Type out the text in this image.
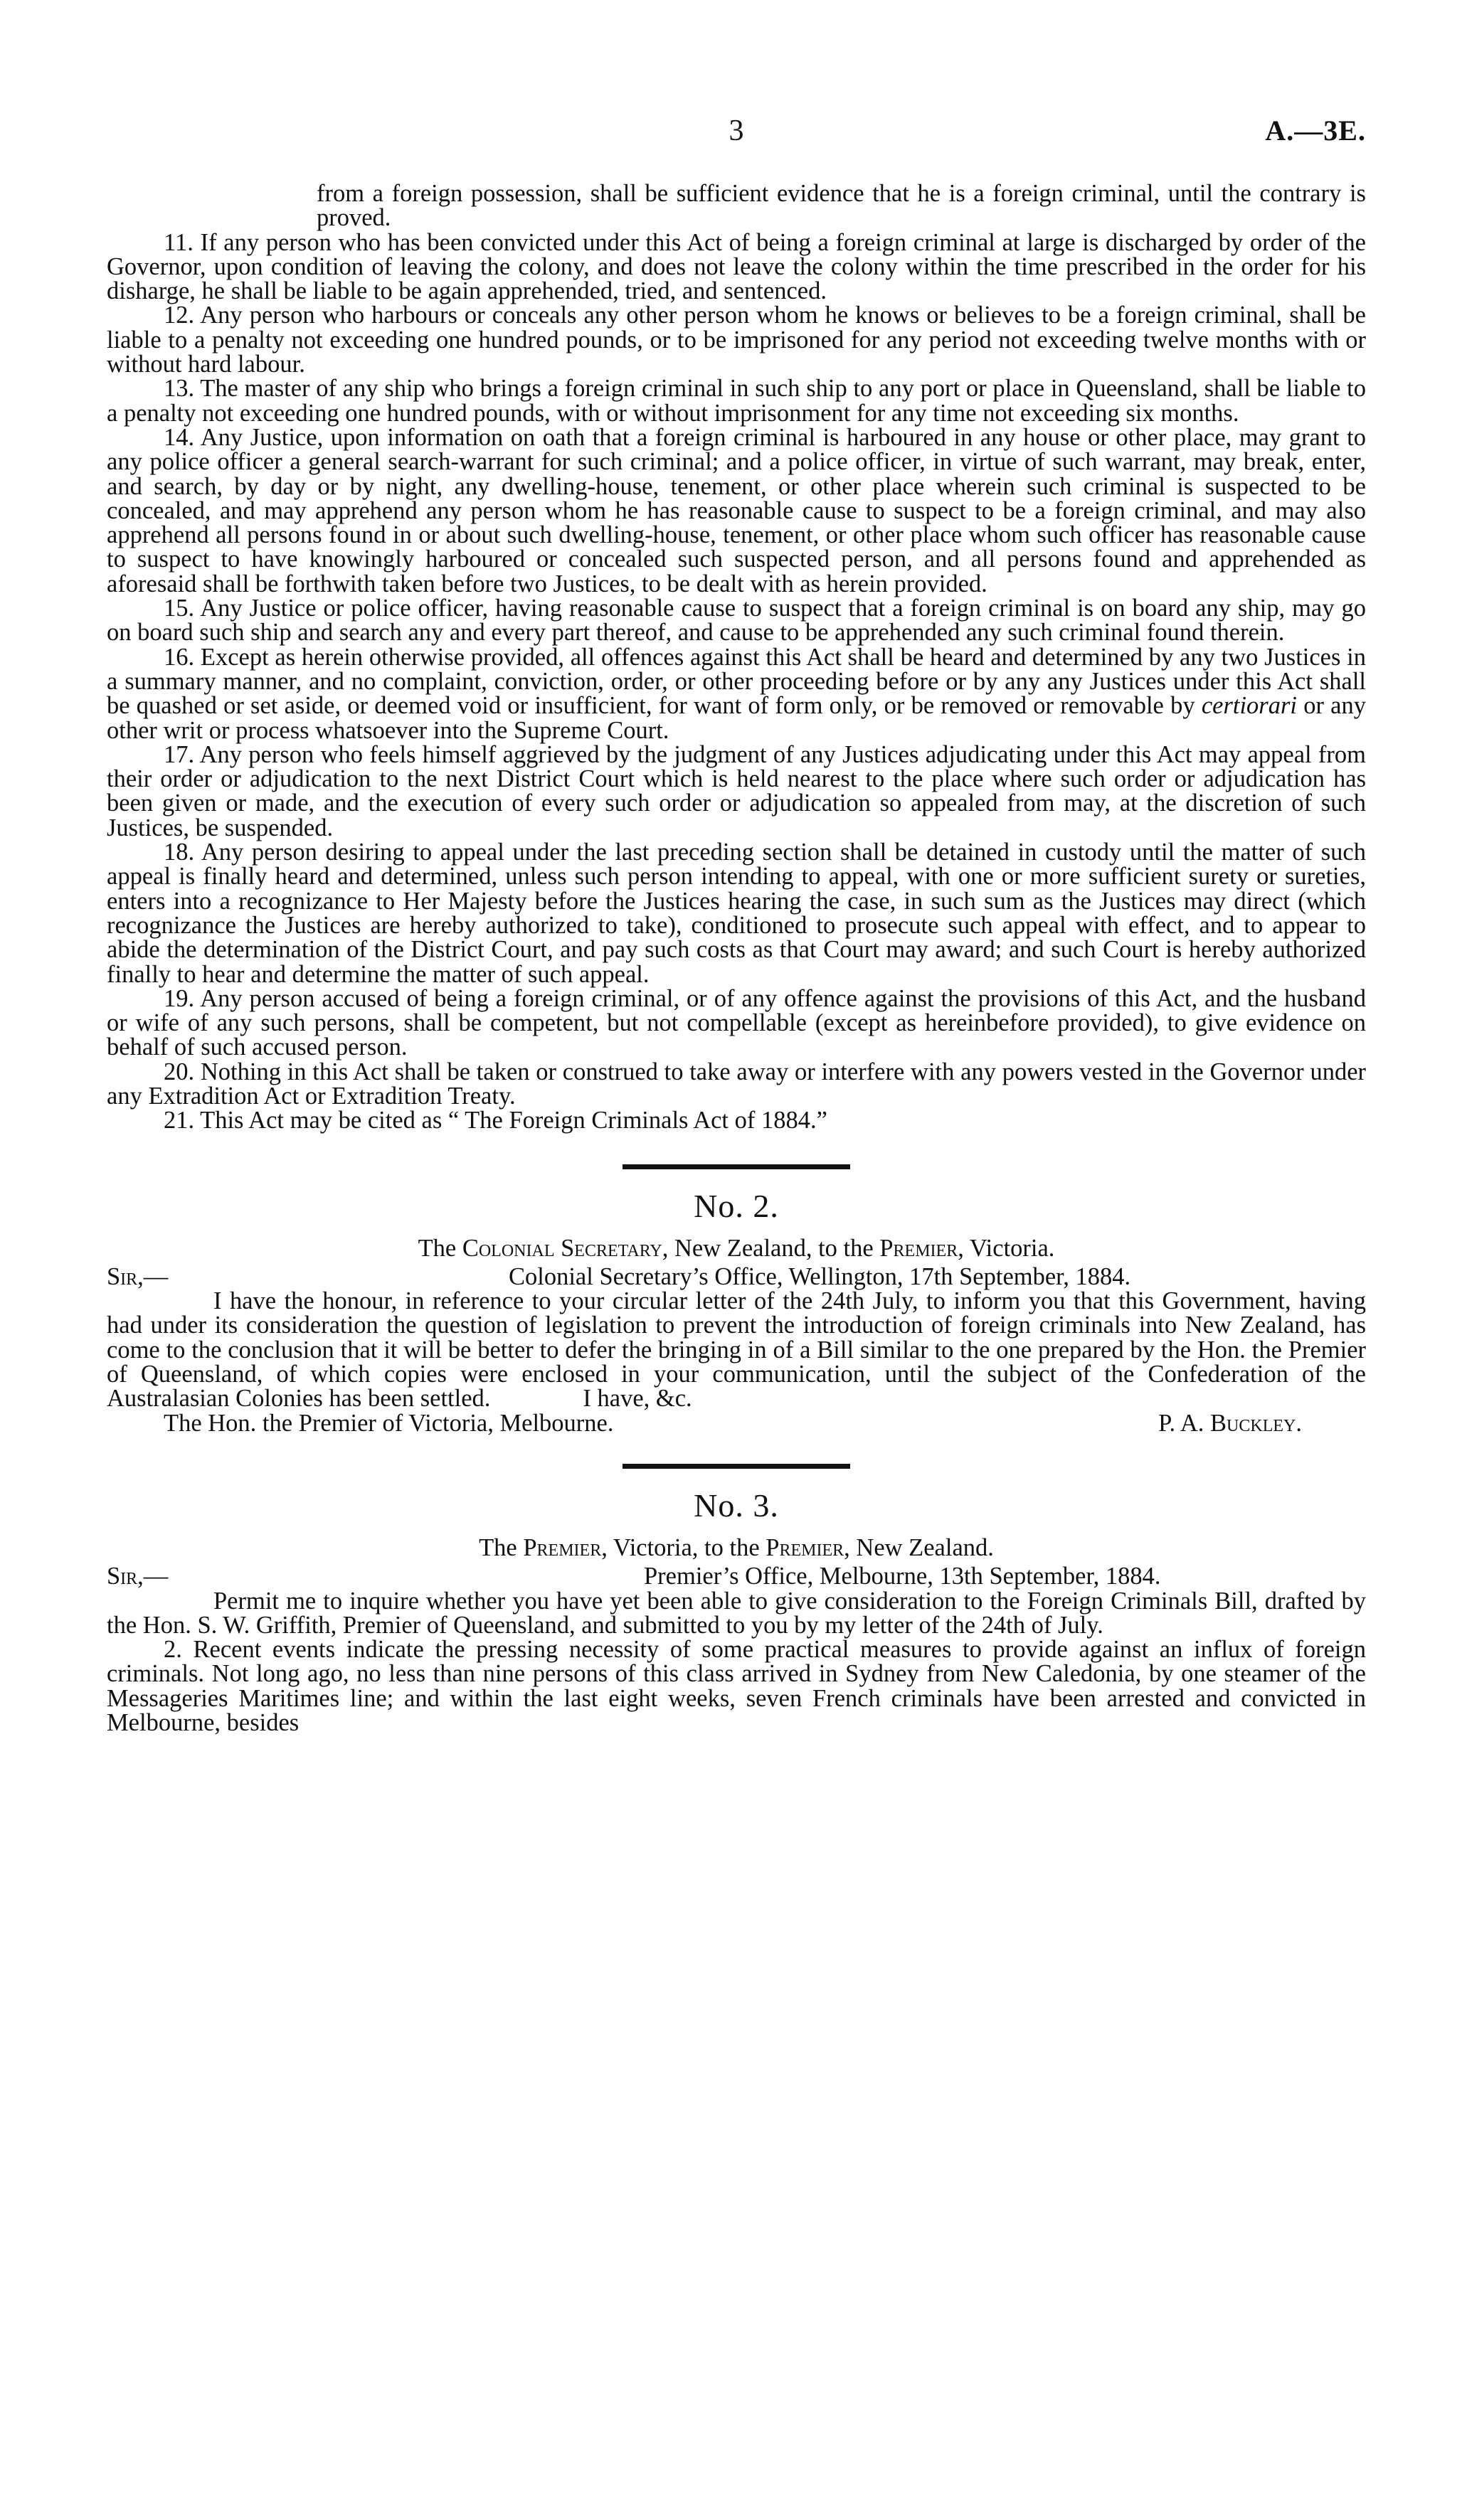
3	A.—3E.

from a foreign possession, shall be sufficient evidence that he is a foreign criminal, until the contrary is proved.

11. If any person who has been convicted under this Act of being a foreign criminal at large is discharged by order of the Governor, upon condition of leaving the colony, and does not leave the colony within the time prescribed in the order for his disharge, he shall be liable to be again apprehended, tried, and sentenced.

12. Any person who harbours or conceals any other person whom he knows or believes to be a foreign criminal, shall be liable to a penalty not exceeding one hundred pounds, or to be imprisoned for any period not exceeding twelve months with or without hard labour.

13. The master of any ship who brings a foreign criminal in such ship to any port or place in Queensland, shall be liable to a penalty not exceeding one hundred pounds, with or without imprisonment for any time not exceeding six months.

14. Any Justice, upon information on oath that a foreign criminal is harboured in any house or other place, may grant to any police officer a general search-warrant for such criminal; and a police officer, in virtue of such warrant, may break, enter, and search, by day or by night, any dwelling-house, tenement, or other place wherein such criminal is suspected to be concealed, and may apprehend any person whom he has reasonable cause to suspect to be a foreign criminal, and may also apprehend all persons found in or about such dwelling-house, tenement, or other place whom such officer has reasonable cause to suspect to have knowingly harboured or concealed such suspected person, and all persons found and apprehended as aforesaid shall be forthwith taken before two Justices, to be dealt with as herein provided.

15. Any Justice or police officer, having reasonable cause to suspect that a foreign criminal is on board any ship, may go on board such ship and search any and every part thereof, and cause to be apprehended any such criminal found therein.

16. Except as herein otherwise provided, all offences against this Act shall be heard and determined by any two Justices in a summary manner, and no complaint, conviction, order, or other proceeding before or by any any Justices under this Act shall be quashed or set aside, or deemed void or insufficient, for want of form only, or be removed or removable by certiorari or any other writ or process whatsoever into the Supreme Court.

17. Any person who feels himself aggrieved by the judgment of any Justices adjudicating under this Act may appeal from their order or adjudication to the next District Court which is held nearest to the place where such order or adjudication has been given or made, and the execution of every such order or adjudication so appealed from may, at the discretion of such Justices, be suspended.

18. Any person desiring to appeal under the last preceding section shall be detained in custody until the matter of such appeal is finally heard and determined, unless such person intending to appeal, with one or more sufficient surety or sureties, enters into a recognizance to Her Majesty before the Justices hearing the case, in such sum as the Justices may direct (which recognizance the Justices are hereby authorized to take), conditioned to prosecute such appeal with effect, and to appear to abide the determination of the District Court, and pay such costs as that Court may award; and such Court is hereby authorized finally to hear and determine the matter of such appeal.

19. Any person accused of being a foreign criminal, or of any offence against the provisions of this Act, and the husband or wife of any such persons, shall be competent, but not compellable (except as hereinbefore provided), to give evidence on behalf of such accused person.

20. Nothing in this Act shall be taken or construed to take away or interfere with any powers vested in the Governor under any Extradition Act or Extradition Treaty.

21. This Act may be cited as “ The Foreign Criminals Act of 1884.”

No. 2.

The Colonial Secretary, New Zealand, to the Premier, Victoria.

Sir,—	Colonial Secretary’s Office, Wellington, 17th September, 1884.

I have the honour, in reference to your circular letter of the 24th July, to inform you that this Government, having had under its consideration the question of legislation to prevent the introduction of foreign criminals into New Zealand, has come to the conclusion that it will be better to defer the bringing in of a Bill similar to the one prepared by the Hon. the Premier of Queensland, of which copies were enclosed in your communication, until the subject of the Confederation of the Australasian Colonies has been settled.	I have, &c.

The Hon. the Premier of Victoria, Melbourne.	P. A. Buckley.
No. 3.

The Premier, Victoria, to the Premier, New Zealand.

Sir,—	Premier’s Office, Melbourne, 13th September, 1884.

Permit me to inquire whether you have yet been able to give consideration to the Foreign Criminals Bill, drafted by the Hon. S. W. Griffith, Premier of Queensland, and submitted to you by my letter of the 24th of July.

2. Recent events indicate the pressing necessity of some practical measures to provide against an influx of foreign criminals. Not long ago, no less than nine persons of this class arrived in Sydney from New Caledonia, by one steamer of the Messageries Maritimes line; and within the last eight weeks, seven French criminals have been arrested and convicted in Melbourne, besides
